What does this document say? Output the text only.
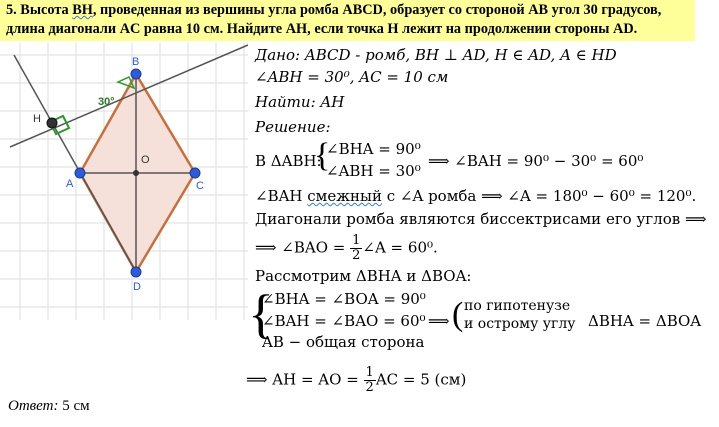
5. Высота BH, проведенная из вершины угла ромба ABCD, образует со стороной AB угол 30 градусов,
длина диагонали AC равна 10 см. Найдите AH, если точка H лежит на продолжении стороны AD.
B
A	C
D
H
O
30°
Дано: ABCD - ромб, BH ⊥ AD, H ∈ AD, A ∈ HD
∠ABH = 30⁰, AC = 10 см
Найти: AH
Решение:
В ΔABH:
{
∠BHA = 90⁰
∠ABH = 30⁰
⟹ ∠BAH = 90⁰ − 30⁰ = 60⁰
∠BAH смежный с ∠A ромба ⟹ ∠A = 180⁰ − 60⁰ = 120⁰.
Диагонали ромба являются биссектрисами его углов ⟹
⟹ ∠BAO = $\frac{1}{2}$ ∠A = 60⁰.
Рассмотрим ΔBHA и ΔBOA:
{
∠BHA = ∠BOA = 90⁰
∠BAH = ∠BAO = 60⁰
AB − общая сторона
⟹ ( по гипотенузе
и острому углу ΔBHA = ΔBOA
⟹ AH = AO = $\frac{1}{2}$ AC = 5 (см)
Ответ: 5 см
